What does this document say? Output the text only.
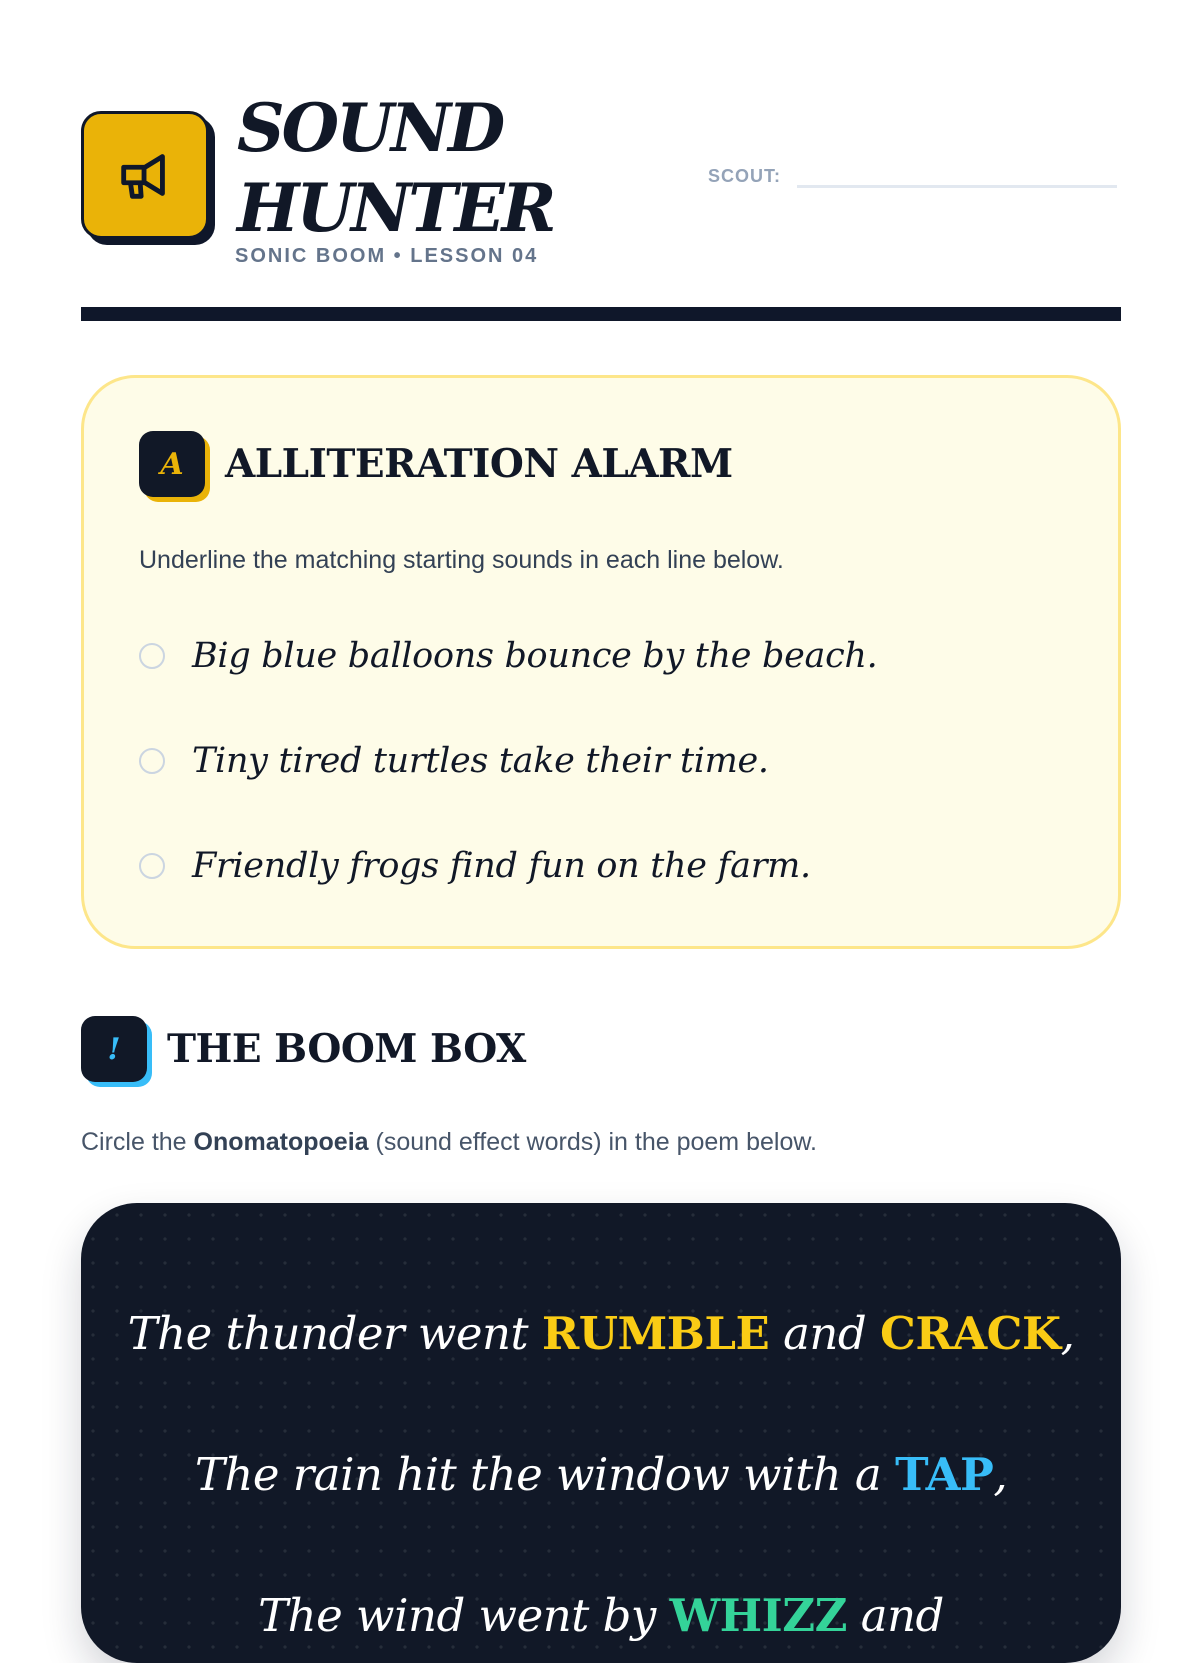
SOUND
HUNTER
SONIC BOOM • LESSON 04
SCOUT:
A	ALLITERATION ALARM

Underline the matching starting sounds in each line below.

Big blue balloons bounce by the beach.
Tiny tired turtles take their time.
Friendly frogs find fun on the farm.
!	THE BOOM BOX

Circle the Onomatopoeia (sound effect words) in the poem below.

The thunder went RUMBLE and CRACK,
The rain hit the window with a TAP,
The wind went by WHIZZ and
